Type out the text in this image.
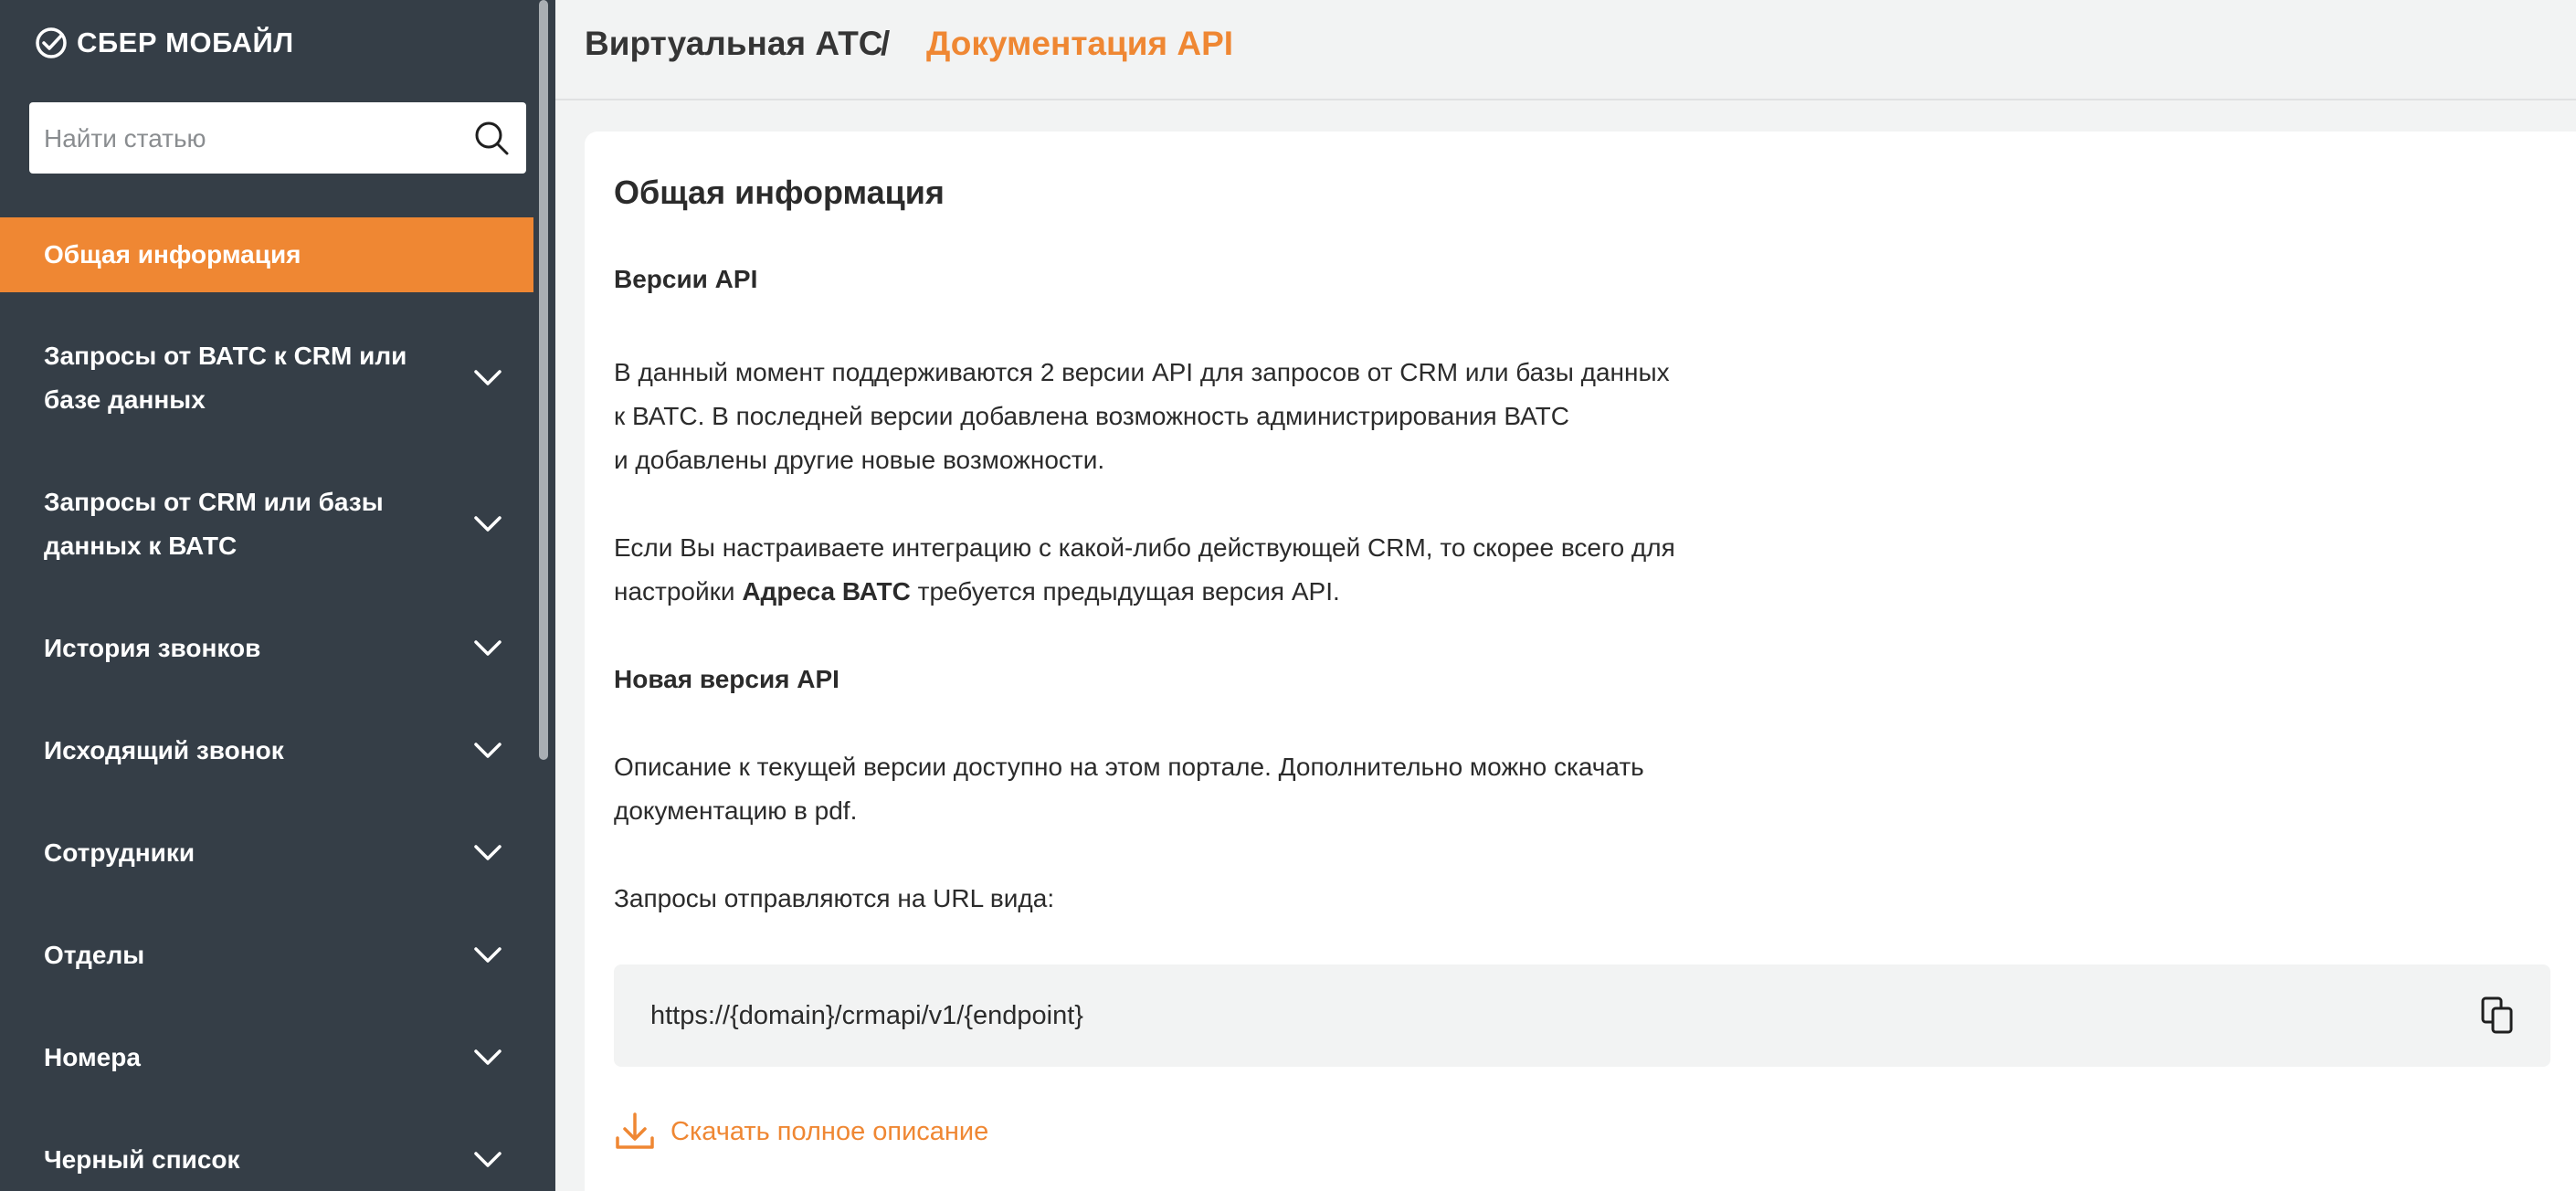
СБЕР МОБАЙЛ
Найти статью
Общая информация
Запросы от ВАТС к CRM или базе данных
Запросы от CRM или базы данных к ВАТС
История звонков
Исходящий звонок
Сотрудники
Отделы
Номера
Черный список
Виртуальная АТС
/ Документация API
Общая информация
Версии API
В данный момент поддерживаются 2 версии API для запросов от CRM или базы данных
к ВАТС. В последней версии добавлена возможность администрирования ВАТС
и добавлены другие новые возможности.
Если Вы настраиваете интеграцию с какой-либо действующей CRM, то скорее всего для
настройки Адреса ВАТС требуется предыдущая версия API.
Новая версия API
Описание к текущей версии доступно на этом портале. Дополнительно можно скачать
документацию в pdf.
Запросы отправляются на URL вида:
https://{domain}/crmapi/v1/{endpoint}
Скачать полное описание
